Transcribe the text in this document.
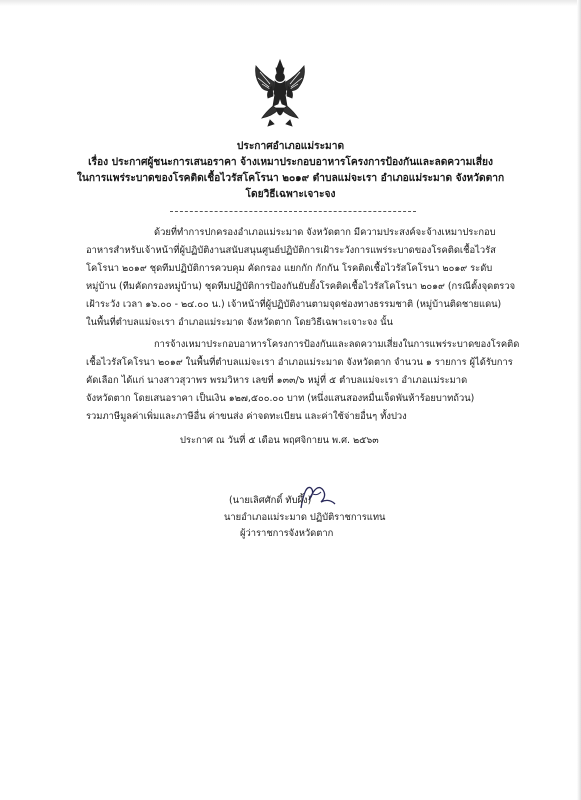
ประกาศอำเภอแม่ระมาด
เรื่อง ประกาศผู้ชนะการเสนอราคา จ้างเหมาประกอบอาหารโครงการป้องกันและลดความเสี่ยง
ในการแพร่ระบาดของโรคติดเชื้อไวรัสโคโรนา ๒๐๑๙ ตำบลแม่จะเรา อำเภอแม่ระมาด จังหวัดตาก
โดยวิธีเฉพาะเจาะจง
ด้วยที่ทำการปกครองอำเภอแม่ระมาด จังหวัดตาก มีความประสงค์จะจ้างเหมาประกอบ
อาหารสำหรับเจ้าหน้าที่ผู้ปฏิบัติงานสนับสนุนศูนย์ปฏิบัติการเฝ้าระวังการแพร่ระบาดของโรคติดเชื้อไวรัส
โคโรนา ๒๐๑๙ ชุดทีมปฏิบัติการควบคุม คัดกรอง แยกกัก กักกัน โรคติดเชื้อไวรัสโคโรนา ๒๐๑๙ ระดับ
หมู่บ้าน (ทีมคัดกรองหมู่บ้าน) ชุดทีมปฏิบัติการป้องกันยับยั้งโรคติดเชื้อไวรัสโคโรนา ๒๐๑๙ (กรณีตั้งจุดตรวจ
เฝ้าระวัง เวลา ๑๖.๐๐ - ๒๔.๐๐ น.) เจ้าหน้าที่ผู้ปฏิบัติงานตามจุดช่องทางธรรมชาติ (หมู่บ้านติดชายแดน)
ในพื้นที่ตำบลแม่จะเรา อำเภอแม่ระมาด จังหวัดตาก โดยวิธีเฉพาะเจาะจง นั้น
การจ้างเหมาประกอบอาหารโครงการป้องกันและลดความเสี่ยงในการแพร่ระบาดของโรคติด
เชื้อไวรัสโคโรนา ๒๐๑๙ ในพื้นที่ตำบลแม่จะเรา อำเภอแม่ระมาด จังหวัดตาก จำนวน ๑ รายการ ผู้ได้รับการ
คัดเลือก ได้แก่ นางสาวสุวาพร พรมวิหาร เลขที่ ๑๓๓/๖ หมู่ที่ ๕ ตำบลแม่จะเรา อำเภอแม่ระมาด
จังหวัดตาก โดยเสนอราคา เป็นเงิน ๑๒๗,๕๐๐.๐๐ บาท (หนึ่งแสนสองหมื่นเจ็ดพันห้าร้อยบาทถ้วน)
รวมภาษีมูลค่าเพิ่มและภาษีอื่น ค่าขนส่ง ค่าจดทะเบียน และค่าใช้จ่ายอื่นๆ ทั้งปวง
ประกาศ ณ วันที่ ๕ เดือน พฤศจิกายน พ.ศ. ๒๕๖๓
(นายเลิศศักดิ์ ทับผึ้ง)
นายอำเภอแม่ระมาด ปฏิบัติราชการแทน
ผู้ว่าราชการจังหวัดตาก
